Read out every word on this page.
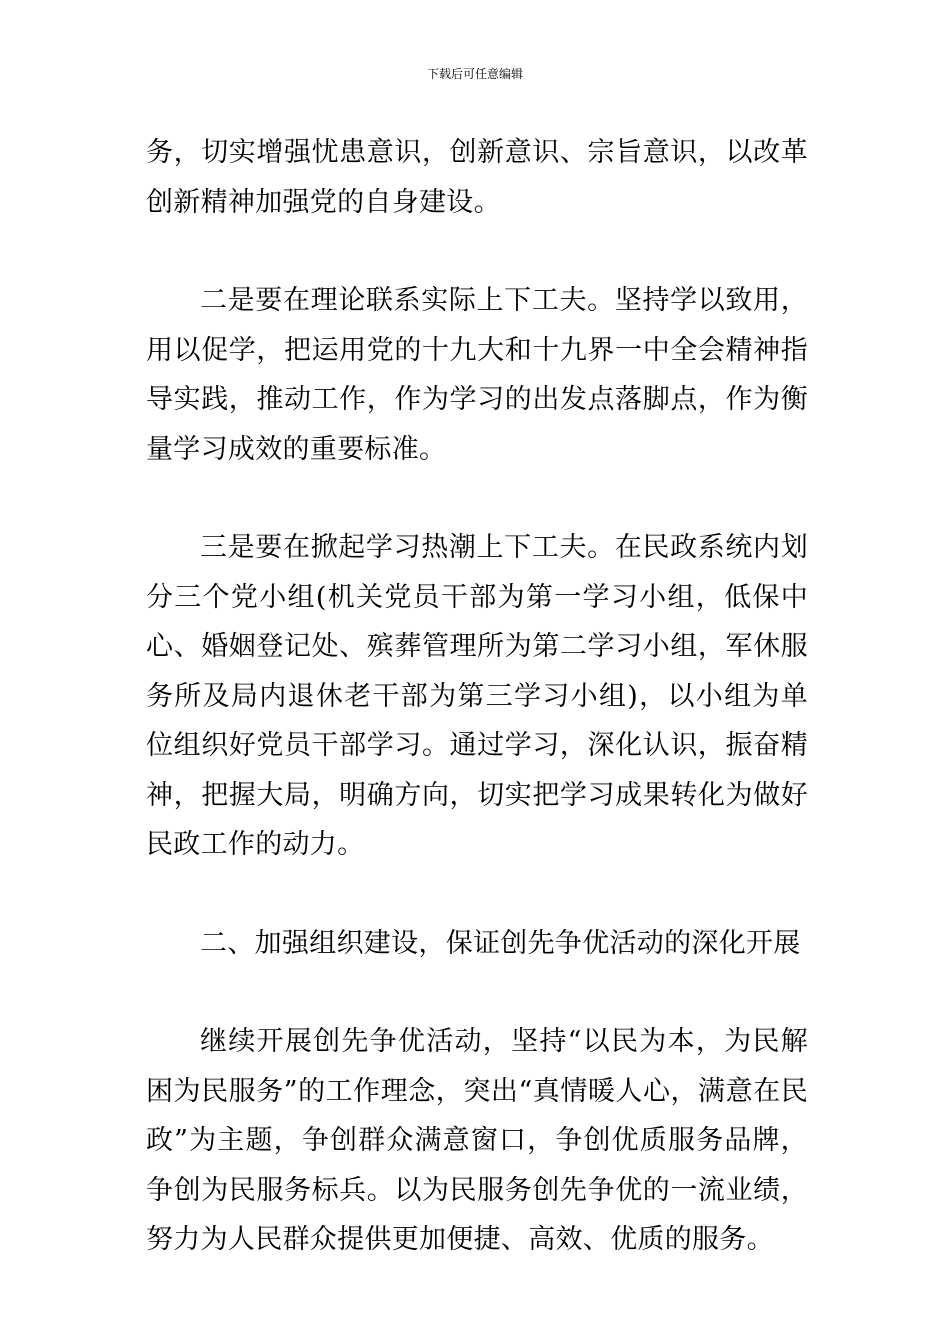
下载后可任意编辑

务，切实增强忧患意识，创新意识、宗旨意识，以改革创新精神加强党的自身建设。

二是要在理论联系实际上下工夫。坚持学以致用，用以促学，把运用党的十九大和十九界一中全会精神指导实践，推动工作，作为学习的出发点落脚点，作为衡量学习成效的重要标准。

三是要在掀起学习热潮上下工夫。在民政系统内划分三个党小组(机关党员干部为第一学习小组，低保中心、婚姻登记处、殡葬管理所为第二学习小组，军休服务所及局内退休老干部为第三学习小组)，以小组为单位组织好党员干部学习。通过学习，深化认识，振奋精神，把握大局，明确方向，切实把学习成果转化为做好民政工作的动力。

二、加强组织建设，保证创先争优活动的深化开展

继续开展创先争优活动，坚持“以民为本，为民解困为民服务”的工作理念，突出“真情暖人心，满意在民政”为主题，争创群众满意窗口，争创优质服务品牌，争创为民服务标兵。以为民服务创先争优的一流业绩，努力为人民群众提供更加便捷、高效、优质的服务。
